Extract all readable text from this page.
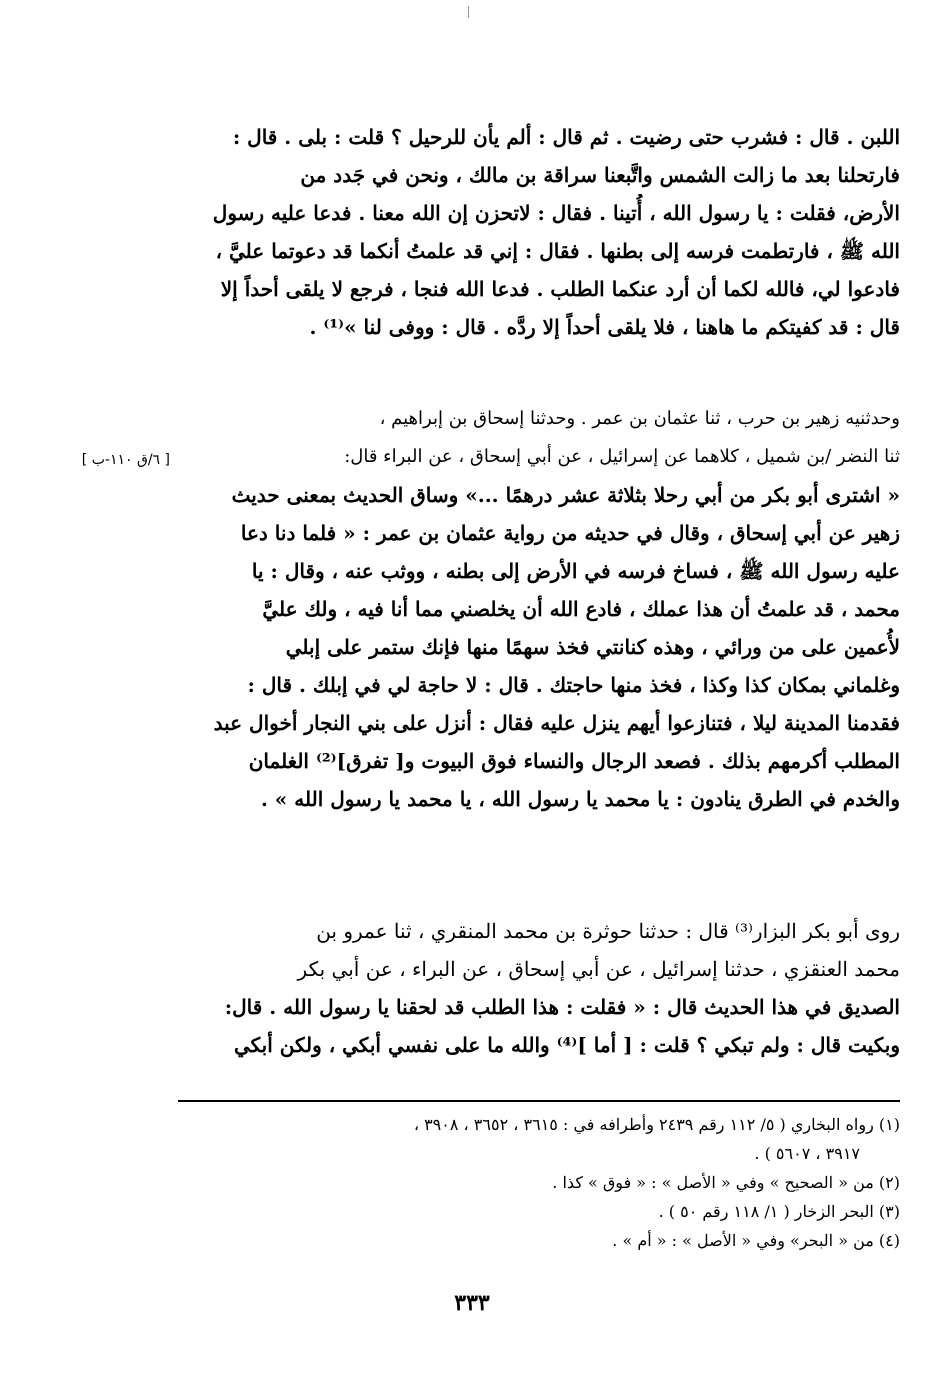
اللبن . قال : فشرب حتى رضيت . ثم قال : ألم يأن للرحيل ؟ قلت : بلى . قال :
فارتحلنا بعد ما زالت الشمس واتَّبعنا سراقة بن مالك ، ونحن في جَدد من
الأرض، فقلت : يا رسول الله ، أُتينا . فقال : لاتحزن إن الله معنا . فدعا عليه رسول
الله ﷺ ، فارتطمت فرسه إلى بطنها . فقال : إني قد علمتُ أنكما قد دعوتما عليَّ ،
فادعوا لي، فالله لكما أن أرد عنكما الطلب . فدعا الله فنجا ، فرجع لا يلقى أحداً إلا
قال : قد كفيتكم ما هاهنا ، فلا يلقى أحداً إلا ردَّه . قال : ووفى لنا »⁽¹⁾ .
وحدثنيه زهير بن حرب ، ثنا عثمان بن عمر . وحدثنا إسحاق بن إبراهيم ،
ثنا النضر /بن شميل ، كلاهما عن إسرائيل ، عن أبي إسحاق ، عن البراء قال:
« اشترى أبو بكر من أبي رحلا بثلاثة عشر درهمًا ...» وساق الحديث بمعنى حديث
زهير عن أبي إسحاق ، وقال في حديثه من رواية عثمان بن عمر : « فلما دنا دعا
عليه رسول الله ﷺ ، فساخ فرسه في الأرض إلى بطنه ، ووثب عنه ، وقال : يا
محمد ، قد علمتُ أن هذا عملك ، فادع الله أن يخلصني مما أنا فيه ، ولك عليَّ
لأُعمين على من ورائي ، وهذه كنانتي فخذ سهمًا منها فإنك ستمر على إبلي
وغلماني بمكان كذا وكذا ، فخذ منها حاجتك . قال : لا حاجة لي في إبلك . قال :
فقدمنا المدينة ليلا ، فتنازعوا أيهم ينزل عليه فقال : أنزل على بني النجار أخوال عبد
المطلب أكرمهم بذلك . فصعد الرجال والنساء فوق البيوت و[ تفرق]⁽²⁾ الغلمان
والخدم في الطرق ينادون : يا محمد يا رسول الله ، يا محمد يا رسول الله » .
[ ٦/ق ١١٠-ب ]
روى أبو بكر البزار⁽³⁾ قال : حدثنا حوثرة بن محمد المنقري ، ثنا عمرو بن
محمد العنقزي ، حدثنا إسرائيل ، عن أبي إسحاق ، عن البراء ، عن أبي بكر
الصديق في هذا الحديث قال : « فقلت : هذا الطلب قد لحقنا يا رسول الله . قال:
وبكيت قال : ولم تبكي ؟ قلت : [ أما ]⁽⁴⁾ والله ما على نفسي أبكي ، ولكن أبكي
(١) رواه البخاري ( ٥/ ١١٢ رقم ٢٤٣٩ وأطرافه في : ٣٦١٥ ، ٣٦٥٢ ، ٣٩٠٨ ،
٣٩١٧ ، ٥٦٠٧ ) .
(٢) من « الصحيح » وفي « الأصل » : « فوق » كذا .
(٣) البحر الزخار ( ١/ ١١٨ رقم ٥٠ ) .
(٤) من « البحر» وفي « الأصل » : « أم » .
٣٣٣
